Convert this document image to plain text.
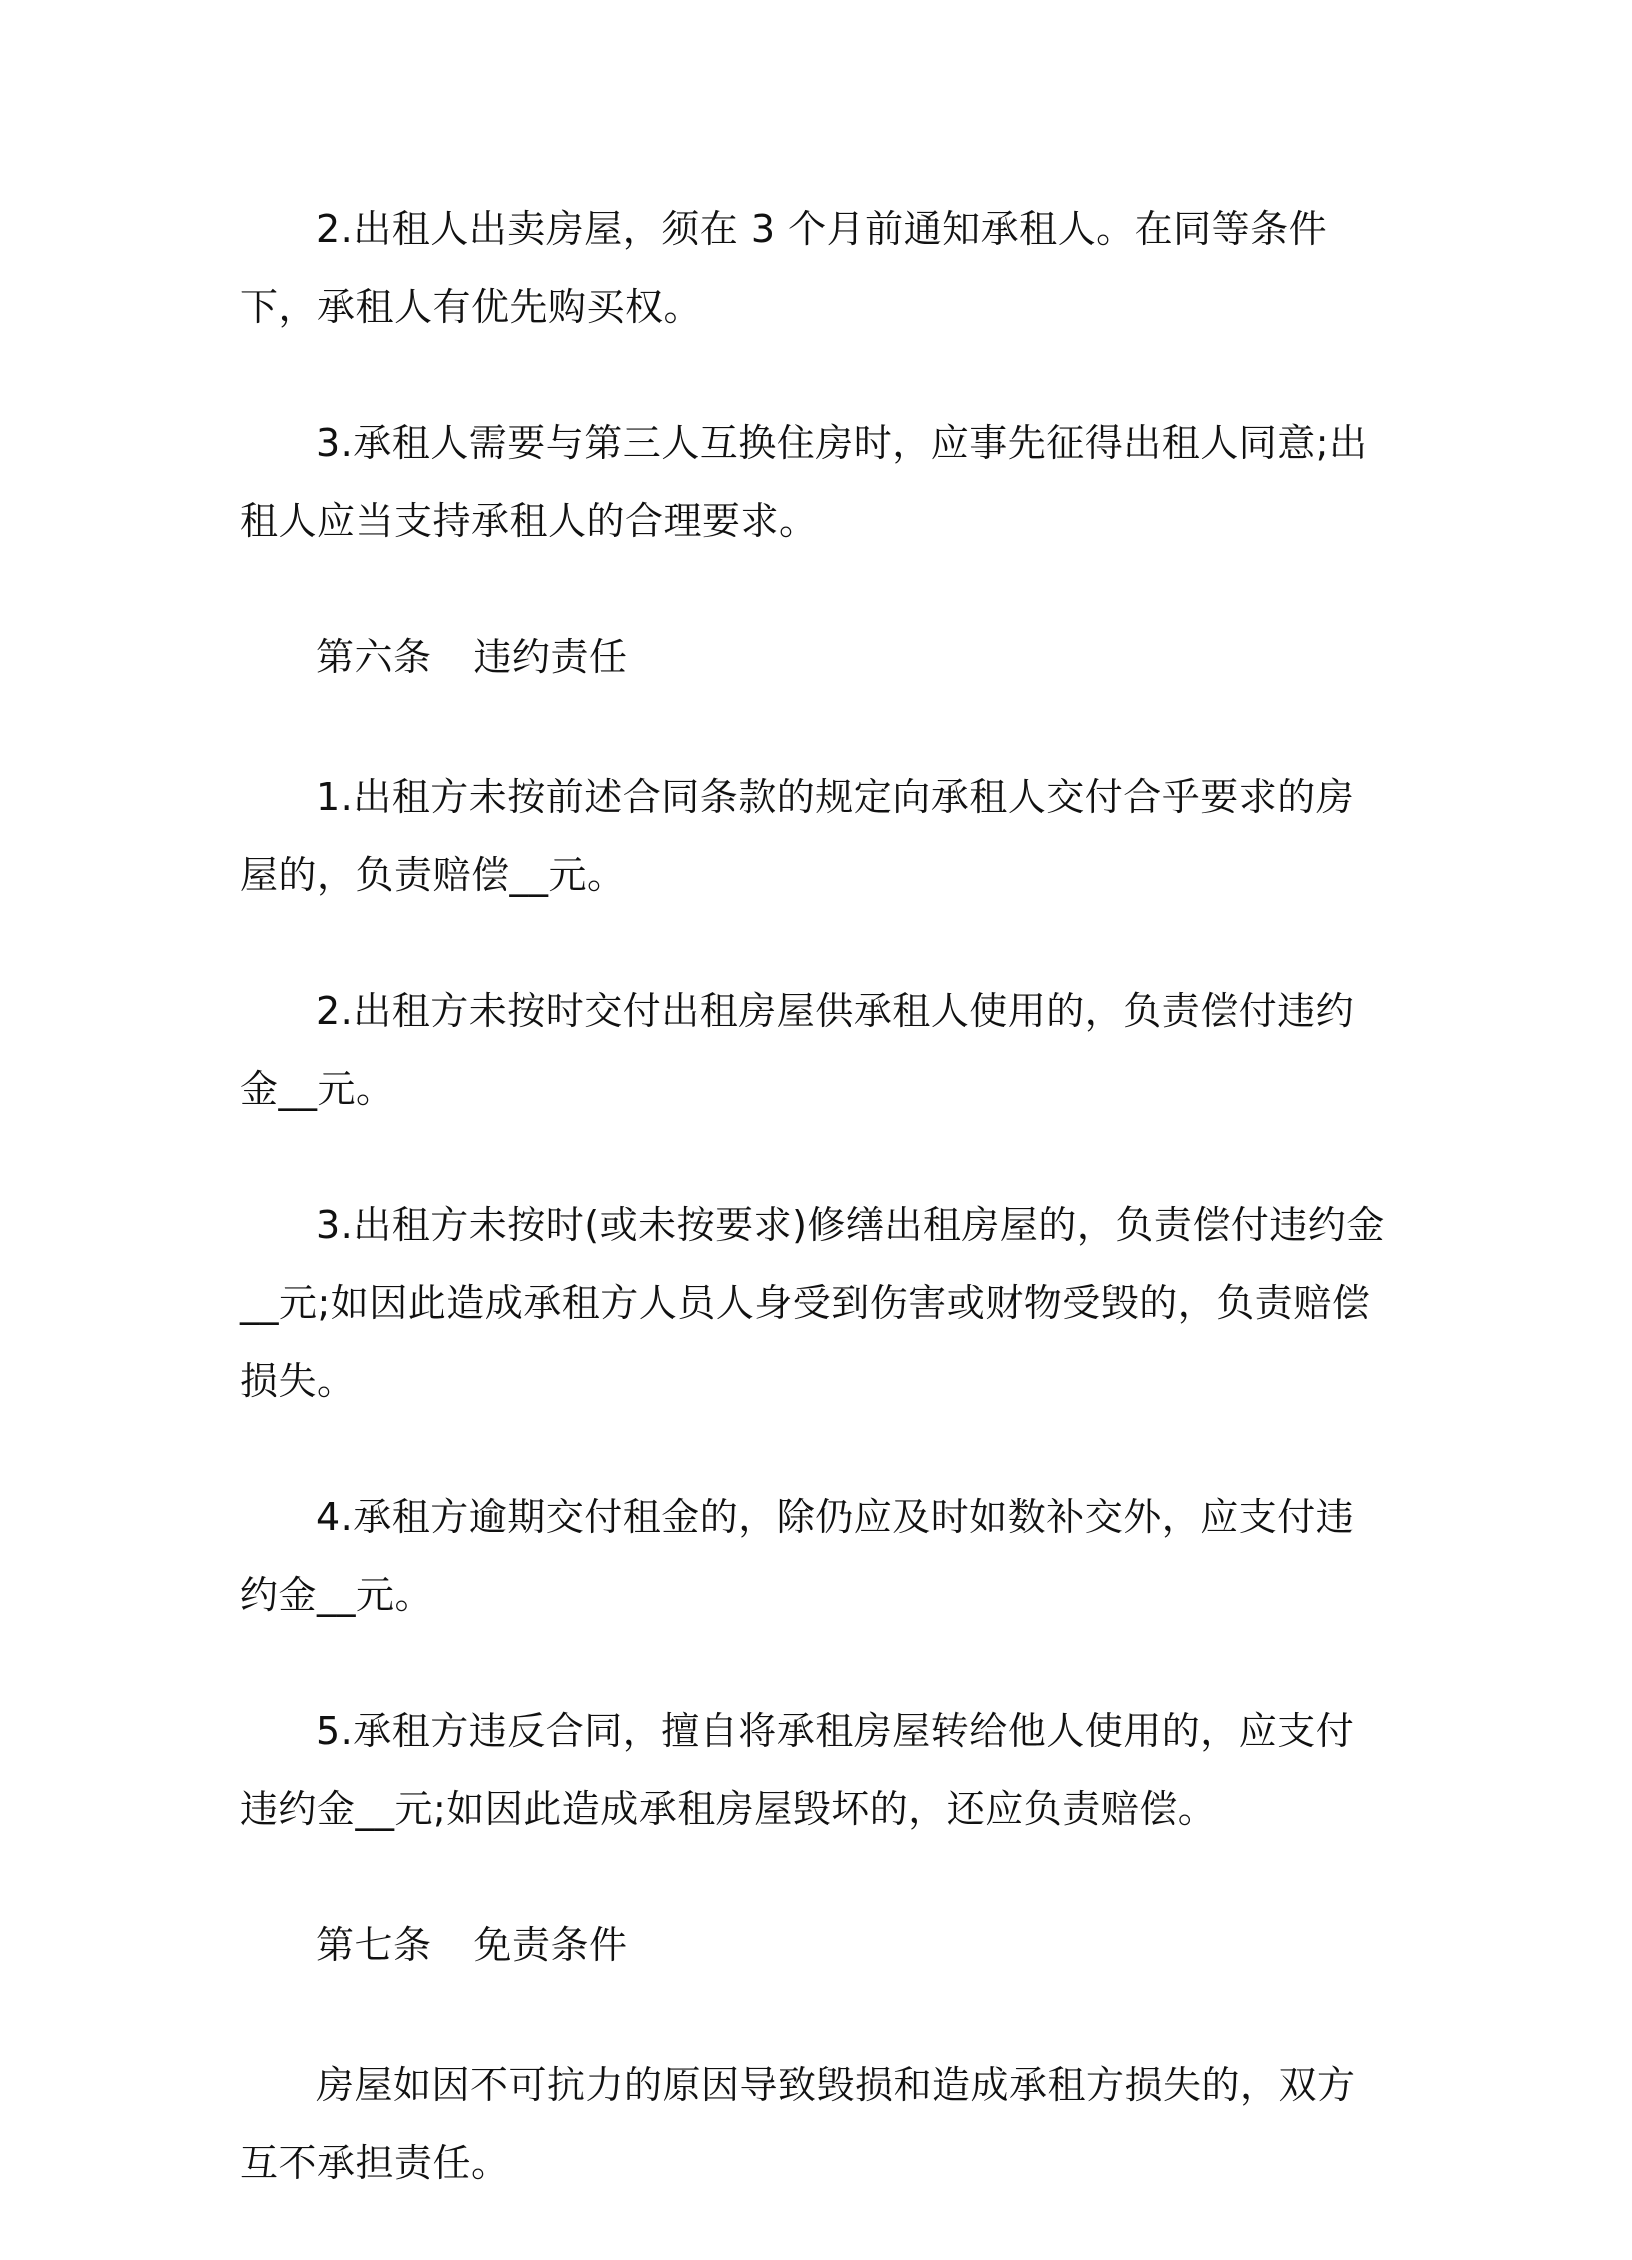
2.出租人出卖房屋，须在 3 个月前通知承租人。在同等条件下，承租人有优先购买权。

3.承租人需要与第三人互换住房时，应事先征得出租人同意;出租人应当支持承租人的合理要求。

第六条 违约责任

1.出租方未按前述合同条款的规定向承租人交付合乎要求的房屋的，负责赔偿__元。

2.出租方未按时交付出租房屋供承租人使用的，负责偿付违约金__元。

3.出租方未按时(或未按要求)修缮出租房屋的，负责偿付违约金__元;如因此造成承租方人员人身受到伤害或财物受毁的，负责赔偿损失。

4.承租方逾期交付租金的，除仍应及时如数补交外，应支付违约金__元。

5.承租方违反合同，擅自将承租房屋转给他人使用的，应支付违约金__元;如因此造成承租房屋毁坏的，还应负责赔偿。

第七条 免责条件

房屋如因不可抗力的原因导致毁损和造成承租方损失的，双方互不承担责任。
